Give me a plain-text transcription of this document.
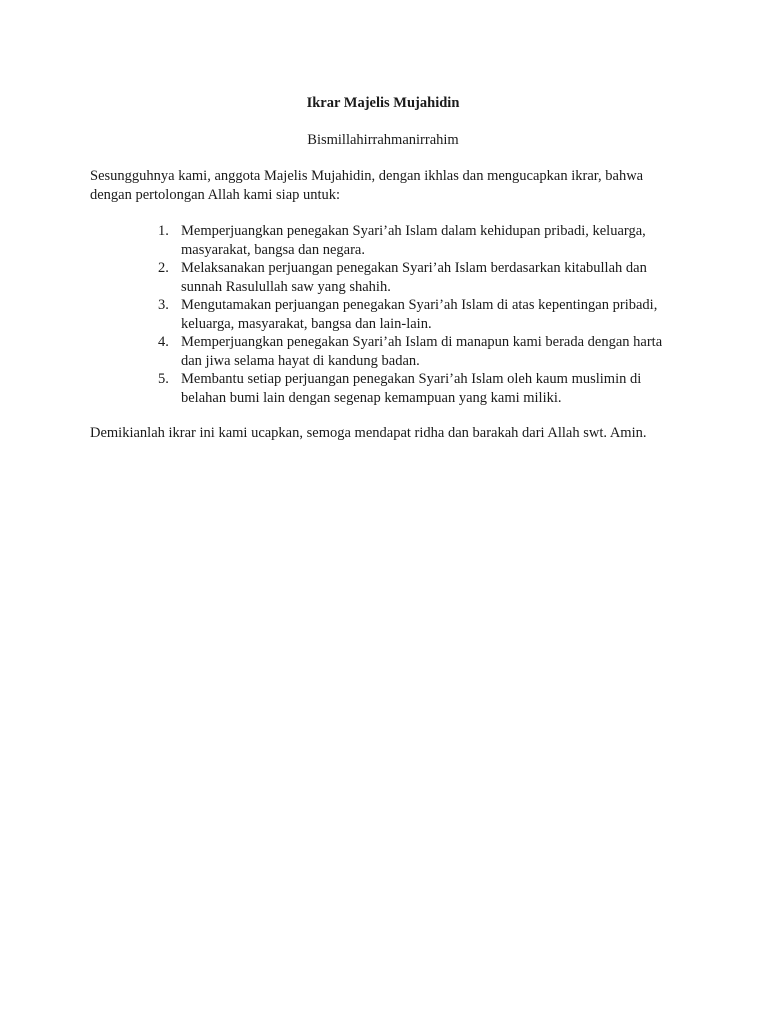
Ikrar Majelis Mujahidin

Bismillahirrahmanirrahim

Sesungguhnya kami, anggota Majelis Mujahidin, dengan ikhlas dan mengucapkan ikrar, bahwa dengan pertolongan Allah kami siap untuk:

1. Memperjuangkan penegakan Syari’ah Islam dalam kehidupan pribadi, keluarga, masyarakat, bangsa dan negara.
2. Melaksanakan perjuangan penegakan Syari’ah Islam berdasarkan kitabullah dan sunnah Rasulullah saw yang shahih.
3. Mengutamakan perjuangan penegakan Syari’ah Islam di atas kepentingan pribadi, keluarga, masyarakat, bangsa dan lain-lain.
4. Memperjuangkan penegakan Syari’ah Islam di manapun kami berada dengan harta dan jiwa selama hayat di kandung badan.
5. Membantu setiap perjuangan penegakan Syari’ah Islam oleh kaum muslimin di belahan bumi lain dengan segenap kemampuan yang kami miliki.

Demikianlah ikrar ini kami ucapkan, semoga mendapat ridha dan barakah dari Allah swt. Amin.
